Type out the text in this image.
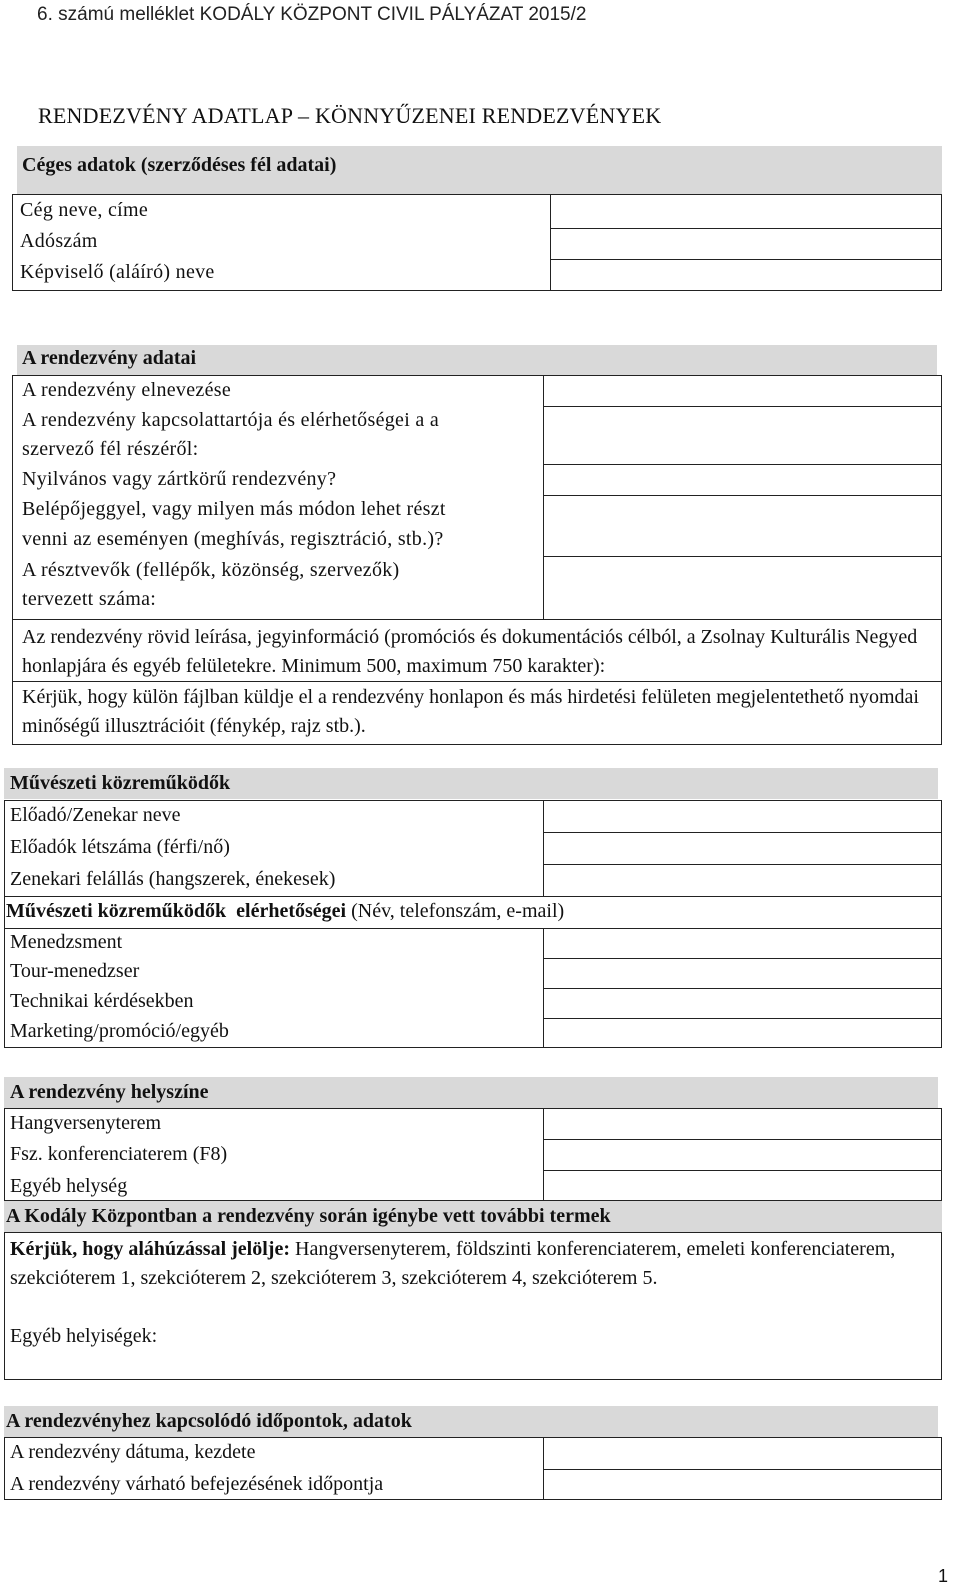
6. számú melléklet KODÁLY KÖZPONT CIVIL PÁLYÁZAT 2015/2
RENDEZVÉNY ADATLAP – KÖNNYŰZENEI RENDEZVÉNYEK
Céges adatok (szerződéses fél adatai)
Cég neve, címe
Adószám
Képviselő (aláíró) neve
A rendezvény adatai
A rendezvény elnevezése
A rendezvény kapcsolattartója és elérhetőségei a a
szervező fél részéről:
Nyilvános vagy zártkörű rendezvény?
Belépőjeggyel, vagy milyen más módon lehet részt
venni az eseményen (meghívás, regisztráció, stb.)?
A résztvevők (fellépők, közönség, szervezők)
tervezett száma:
Az rendezvény rövid leírása, jegyinformáció (promóciós és dokumentációs célból, a Zsolnay Kulturális Negyed honlapjára és egyéb felületekre. Minimum 500, maximum 750 karakter):
Kérjük, hogy külön fájlban küldje el a rendezvény honlapon és más hirdetési felületen megjelentethető nyomdai minőségű illusztrációit (fénykép, rajz stb.).
Művészeti közreműködők
Előadó/Zenekar neve
Előadók létszáma (férfi/nő)
Zenekari felállás (hangszerek, énekesek)
Művészeti közreműködők  elérhetőségei (Név, telefonszám, e-mail)
Menedzsment
Tour-menedzser
Technikai kérdésekben
Marketing/promóció/egyéb
A rendezvény helyszíne
Hangversenyterem
Fsz. konferenciaterem (F8)
Egyéb helység
A Kodály Központban a rendezvény során igénybe vett további termek
Kérjük, hogy aláhúzással jelölje: Hangversenyterem, földszinti konferenciaterem, emeleti konferenciaterem, szekcióterem 1, szekcióterem 2, szekcióterem 3, szekcióterem 4, szekcióterem 5.
Egyéb helyiségek:
A rendezvényhez kapcsolódó időpontok, adatok
A rendezvény dátuma, kezdete
A rendezvény várható befejezésének időpontja
1
